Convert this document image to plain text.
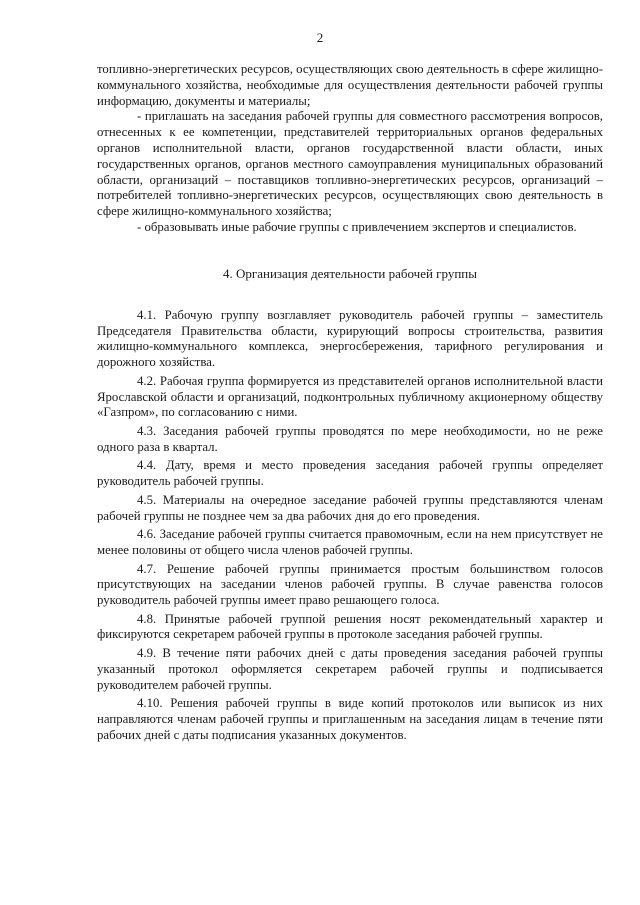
2

топливно-энергетических ресурсов, осуществляющих свою деятельность в сфере жилищно-коммунального хозяйства, необходимые для осуществления деятельности рабочей группы информацию, документы и материалы;

- приглашать на заседания рабочей группы для совместного рассмотрения вопросов, отнесенных к ее компетенции, представителей территориальных органов федеральных органов исполнительной власти, органов государственной власти области, иных государственных органов, органов местного самоуправления муниципальных образований области, организаций – поставщиков топливно-энергетических ресурсов, организаций – потребителей топливно-энергетических ресурсов, осуществляющих свою деятельность в сфере жилищно-коммунального хозяйства;

- образовывать иные рабочие группы с привлечением экспертов и специалистов.

4. Организация деятельности рабочей группы

4.1. Рабочую группу возглавляет руководитель рабочей группы – заместитель Председателя Правительства области, курирующий вопросы строительства, развития жилищно-коммунального комплекса, энергосбережения, тарифного регулирования и дорожного хозяйства.

4.2. Рабочая группа формируется из представителей органов исполнительной власти Ярославской области и организаций, подконтрольных публичному акционерному обществу «Газпром», по согласованию с ними.

4.3. Заседания рабочей группы проводятся по мере необходимости, но не реже одного раза в квартал.

4.4. Дату, время и место проведения заседания рабочей группы определяет руководитель рабочей группы.

4.5. Материалы на очередное заседание рабочей группы представляются членам рабочей группы не позднее чем за два рабочих дня до его проведения.

4.6. Заседание рабочей группы считается правомочным, если на нем присутствует не менее половины от общего числа членов рабочей группы.

4.7. Решение рабочей группы принимается простым большинством голосов присутствующих на заседании членов рабочей группы. В случае равенства голосов руководитель рабочей группы имеет право решающего голоса.

4.8. Принятые рабочей группой решения носят рекомендательный характер и фиксируются секретарем рабочей группы в протоколе заседания рабочей группы.

4.9. В течение пяти рабочих дней с даты проведения заседания рабочей группы указанный протокол оформляется секретарем рабочей группы и подписывается руководителем рабочей группы.

4.10. Решения рабочей группы в виде копий протоколов или выписок из них направляются членам рабочей группы и приглашенным на заседания лицам в течение пяти рабочих дней с даты подписания указанных документов.
